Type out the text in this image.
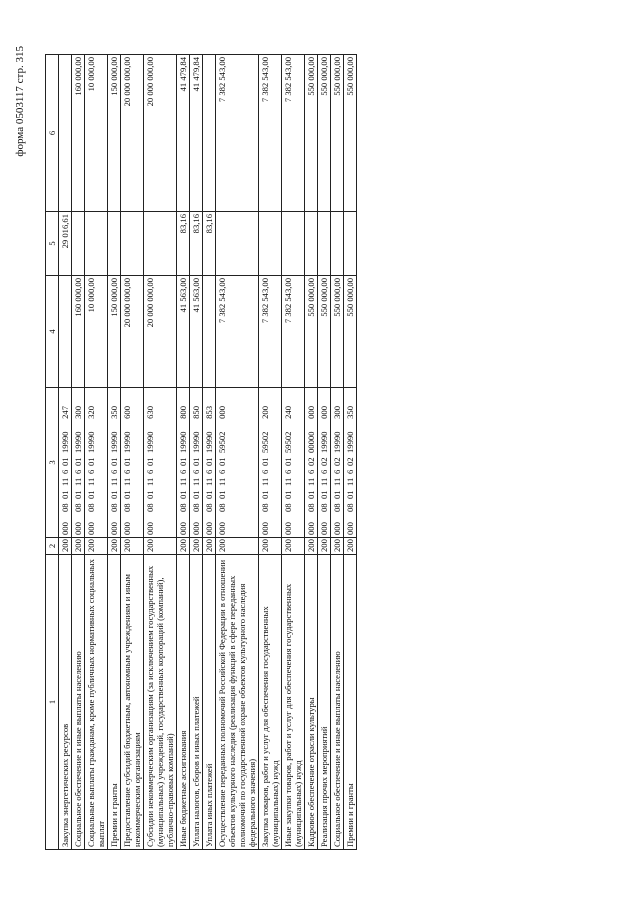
форма 0503117 стр. 315
1	2	3	4	5	6
Закупка энергетических ресурсов	200	00008011160119990247		29 016,61	
Социальное обеспечение и иные выплаты населению	200	00008011160119990300	160 000,00		160 000,00
Социальные выплаты гражданам, кроме публичных нормативных социальных выплат	200	00008011160119990320	10 000,00		10 000,00
Премии и гранты	200	00008011160119990350	150 000,00		150 000,00
Предоставление субсидий бюджетным, автономным учреждениям и иным некоммерческим организациям	200	00008011160119990600	20 000 000,00		20 000 000,00
Субсидии некоммерческим организациям (за исключением государственных (муниципальных) учреждений, государственных корпораций (компаний), публично-правовых компаний)	200	00008011160119990630	20 000 000,00		20 000 000,00
Иные бюджетные ассигнования	200	00008011160119990800	41 563,00	83,16	41 479,84
Уплата налогов, сборов и иных платежей	200	00008011160119990850	41 563,00	83,16	41 479,84
Уплата иных платежей	200	00008011160119990853		83,16	
Осуществление переданных полномочий Российской Федерации в отношении объектов культурного наследия (реализация функций в сфере переданных полномочий по государственной охране объектов культурного наследия федерального значения)	200	00008011160159502000	7 382 543,00		7 382 543,00
Закупка товаров, работ и услуг для обеспечения государственных (муниципальных) нужд	200	00008011160159502200	7 382 543,00		7 382 543,00
Иные закупки товаров, работ и услуг для обеспечения государственных (муниципальных) нужд	200	00008011160159502240	7 382 543,00		7 382 543,00
Кадровое обеспечение отрасли культуры	200	00008011160200000000	550 000,00		550 000,00
Реализация прочих мероприятий	200	00008011160219990000	550 000,00		550 000,00
Социальное обеспечение и иные выплаты населению	200	00008011160219990300	550 000,00		550 000,00
Премии и гранты	200	00008011160219990350	550 000,00		550 000,00
